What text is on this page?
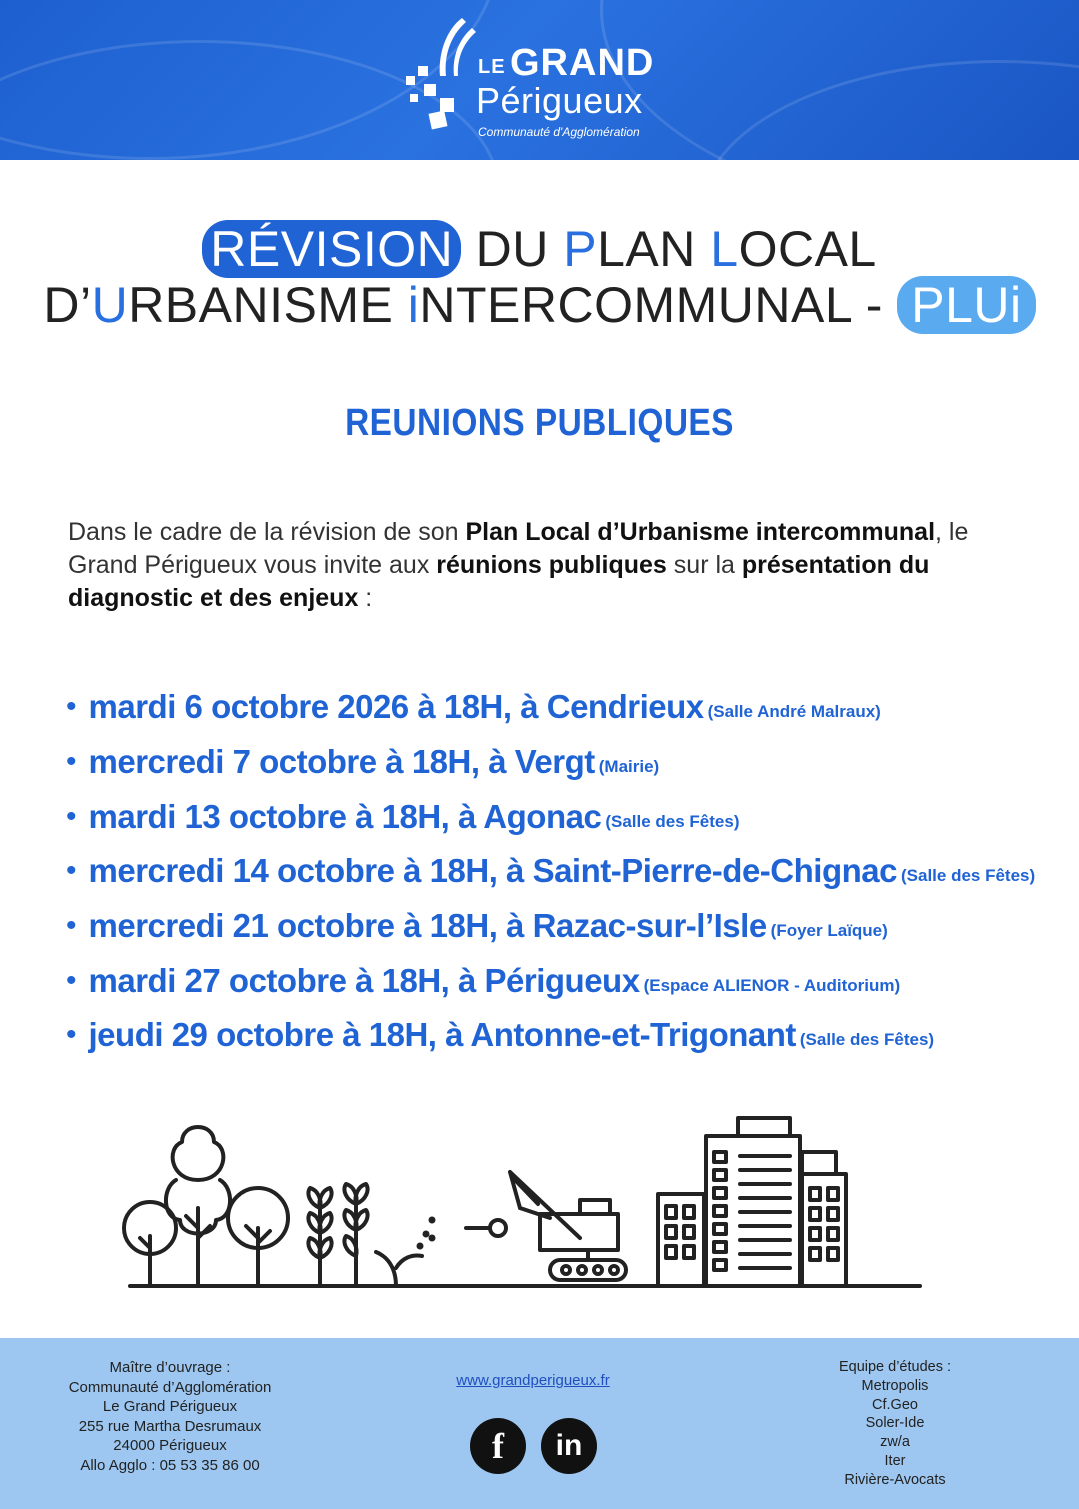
LE GRAND
Périgueux
Communauté d'Agglomération
RÉVISION DU PLAN LOCAL
D’URBANISME iNTERCOMMUNAL - PLUi
REUNIONS PUBLIQUES

Dans le cadre de la révision de son Plan Local d’Urbanisme intercommunal, le Grand Périgueux vous invite aux réunions publiques sur la présentation du diagnostic et des enjeux :

• mardi 6 octobre 2026 à 18H, à Cendrieux (Salle André Malraux)
• mercredi 7 octobre à 18H, à Vergt (Mairie)
• mardi 13 octobre à 18H, à Agonac (Salle des Fêtes)
• mercredi 14 octobre à 18H, à Saint-Pierre-de-Chignac (Salle des Fêtes)
• mercredi 21 octobre à 18H, à Razac-sur-l’Isle (Foyer Laïque)
• mardi 27 octobre à 18H, à Périgueux (Espace ALIENOR - Auditorium)
• jeudi 29 octobre à 18H, à Antonne-et-Trigonant (Salle des Fêtes)
Maître d’ouvrage :
Communauté d’Agglomération
Le Grand Périgueux
255 rue Martha Desrumaux
24000 Périgueux
Allo Agglo : 05 53 35 86 00
www.grandperigueux.fr
f	in
Equipe d’études :
Metropolis
Cf.Geo
Soler-Ide
zw/a
Iter
Rivière-Avocats
